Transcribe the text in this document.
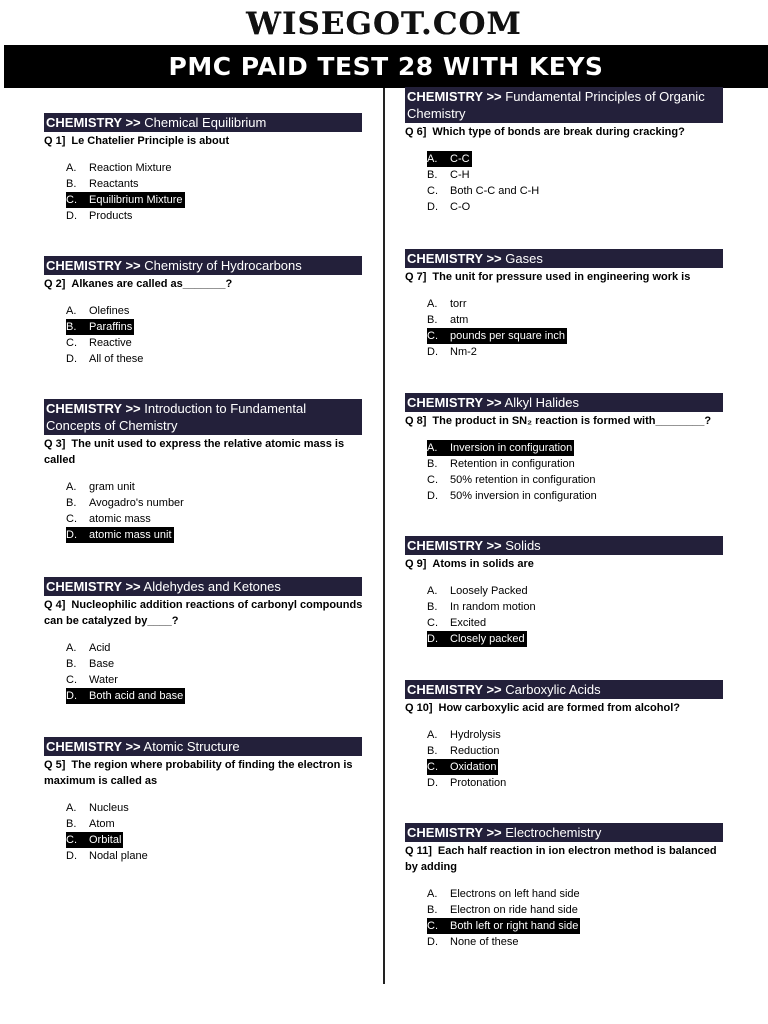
WISEGOT.COM
PMC PAID TEST 28 WITH KEYS
CHEMISTRY >> Chemical Equilibrium
Q 1] Le Chatelier Principle is about
A. Reaction Mixture
B. Reactants
C. Equilibrium Mixture
D. Products
CHEMISTRY >> Chemistry of Hydrocarbons
Q 2] Alkanes are called as_______?
A. Olefines
B. Paraffins
C. Reactive
D. All of these
CHEMISTRY >> Introduction to Fundamental Concepts of Chemistry
Q 3] The unit used to express the relative atomic mass is called
A. gram unit
B. Avogadro's number
C. atomic mass
D. atomic mass unit
CHEMISTRY >> Aldehydes and Ketones
Q 4] Nucleophilic addition reactions of carbonyl compounds can be catalyzed by____?
A. Acid
B. Base
C. Water
D. Both acid and base
CHEMISTRY >> Atomic Structure
Q 5] The region where probability of finding the electron is maximum is called as
A. Nucleus
B. Atom
C. Orbital
D. Nodal plane
CHEMISTRY >> Fundamental Principles of Organic Chemistry
Q 6] Which type of bonds are break during cracking?
A. C-C
B. C-H
C. Both C-C and C-H
D. C-O
CHEMISTRY >> Gases
Q 7] The unit for pressure used in engineering work is
A. torr
B. atm
C. pounds per square inch
D. Nm-2
CHEMISTRY >> Alkyl Halides
Q 8] The product in SN₂ reaction is formed with________?
A. Inversion in configuration
B. Retention in configuration
C. 50% retention in configuration
D. 50% inversion in configuration
CHEMISTRY >> Solids
Q 9] Atoms in solids are
A. Loosely Packed
B. In random motion
C. Excited
D. Closely packed
CHEMISTRY >> Carboxylic Acids
Q 10] How carboxylic acid are formed from alcohol?
A. Hydrolysis
B. Reduction
C. Oxidation
D. Protonation
CHEMISTRY >> Electrochemistry
Q 11] Each half reaction in ion electron method is balanced by adding
A. Electrons on left hand side
B. Electron on ride hand side
C. Both left or right hand side
D. None of these
